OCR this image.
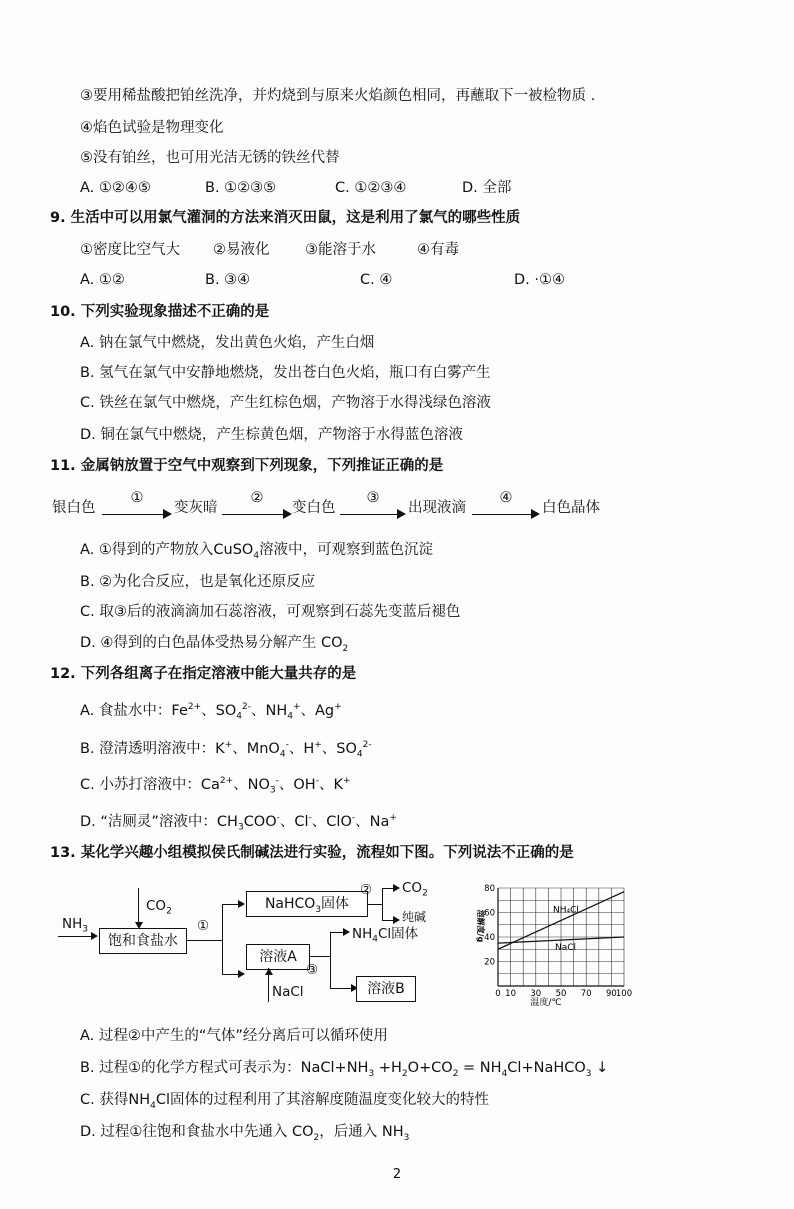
③要用稀盐酸把铂丝洗净，并灼烧到与原来火焰颜色相同，再蘸取下一被检物质 .
④焰色试验是物理变化
⑤没有铂丝，也可用光洁无锈的铁丝代替
A. ①②④⑤	B. ①②③⑤	C. ①②③④	D. 全部
9. 生活中可以用氯气灌洞的方法来消灭田鼠，这是利用了氯气的哪些性质
①密度比空气大 ②易液化 ③能溶于水	④有毒
A. ①②	B. ③④	C. ④	D. ·①④
10. 下列实验现象描述不正确的是
A. 钠在氯气中燃烧，发出黄色火焰，产生白烟
B. 氢气在氯气中安静地燃烧，发出苍白色火焰，瓶口有白雾产生
C. 铁丝在氯气中燃烧，产生红棕色烟，产物溶于水得浅绿色溶液
D. 铜在氯气中燃烧，产生棕黄色烟，产物溶于水得蓝色溶液
11. 金属钠放置于空气中观察到下列现象，下列推证正确的是
银白色
①
变灰暗
②
变白色
③
出现液滴
④
白色晶体
A. ①得到的产物放入CuSO$_4$溶液中，可观察到蓝色沉淀
B. ②为化合反应，也是氧化还原反应
C. 取③后的液滴滴加石蕊溶液，可观察到石蕊先变蓝后褪色
D. ④得到的白色晶体受热易分解产生 $CO_2$
12. 下列各组离子在指定溶液中能大量共存的是
A. 食盐水中：$Fe^{2+}$、$SO_4^{2-}$、$NH_4^+$、Ag+
B. 澄清透明溶液中：K+、MnO$_4$-、H+、$SO_4^{2-}$
C. 小苏打溶液中：$Ca^{2+}$、$NO_3^-$、OH-、K+
D. “洁厕灵”溶液中：$CH_3COO^-$、Cl-、ClO-、Na+
13. 某化学兴趣小组模拟侯氏制碱法进行实验，流程如下图。下列说法不正确的是
$NH_3$
$CO_2$
饱和食盐水
①
NaHCO$_3$固体
② $CO_2$
纯碱
溶液A
NaCl
$NH_4Cl$固体
③
溶液B
NH₄Cl
NaCl
0 10 30 50 70 90 100
20
40
60
80
溶解度/g
温度/℃
A. 过程②中产生的“气体”经分离后可以循环使用
B. 过程①的化学方程式可表示为：$NaCl+NH_3 +H_2O+CO_2$ = $NH_4Cl+NaHCO_3$ ↓
C. 获得$NH_4Cl$固体的过程利用了其溶解度随温度变化较大的特性
D. 过程①往饱和食盐水中先通入 $CO_2$，后通入 $NH_3$
2
